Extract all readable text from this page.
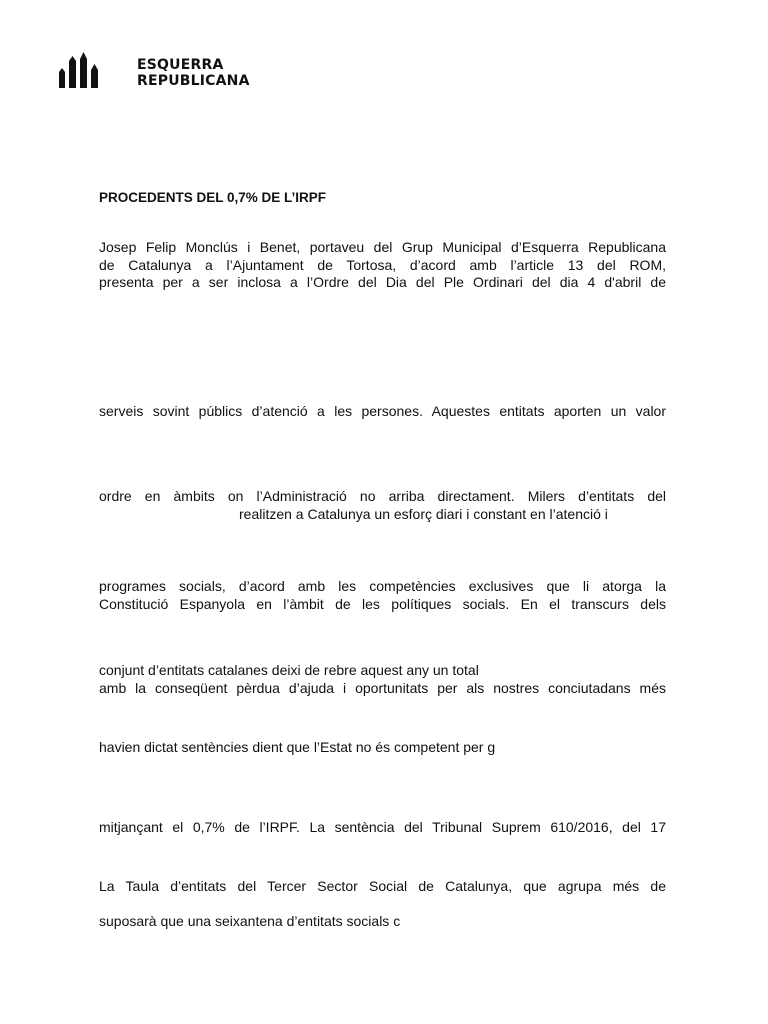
ESQUERRA
REPUBLICANA
PROCEDENTS DEL 0,7% DE L’IRPF
Josep Felip Monclús i Benet, portaveu del Grup Municipal d’Esquerra Republicana
de Catalunya a l’Ajuntament de Tortosa, d’acord amb l’article 13 del ROM,
presenta per a ser inclosa a l’Ordre del Dia del Ple Ordinari del dia 4 d'abril de
serveis sovint públics d’atenció a les persones. Aquestes entitats aporten un valor
ordre en àmbits on l’Administració no arriba directament. Milers d’entitats del
realitzen a Catalunya un esforç diari i constant en l’atenció i
programes socials, d’acord amb les competències exclusives que li atorga la
Constitució Espanyola en l’àmbit de les polítiques socials. En el transcurs dels
conjunt d’entitats catalanes deixi de rebre aquest any un total
amb la conseqüent pèrdua d’ajuda i oportunitats per als nostres conciutadans més
havien dictat sentències dient que l’Estat no és competent per g
mitjançant el 0,7% de l’IRPF. La sentència del Tribunal Suprem 610/2016, del 17
La Taula d’entitats del Tercer Sector Social de Catalunya, que agrupa més de
suposarà que una seixantena d’entitats socials c
